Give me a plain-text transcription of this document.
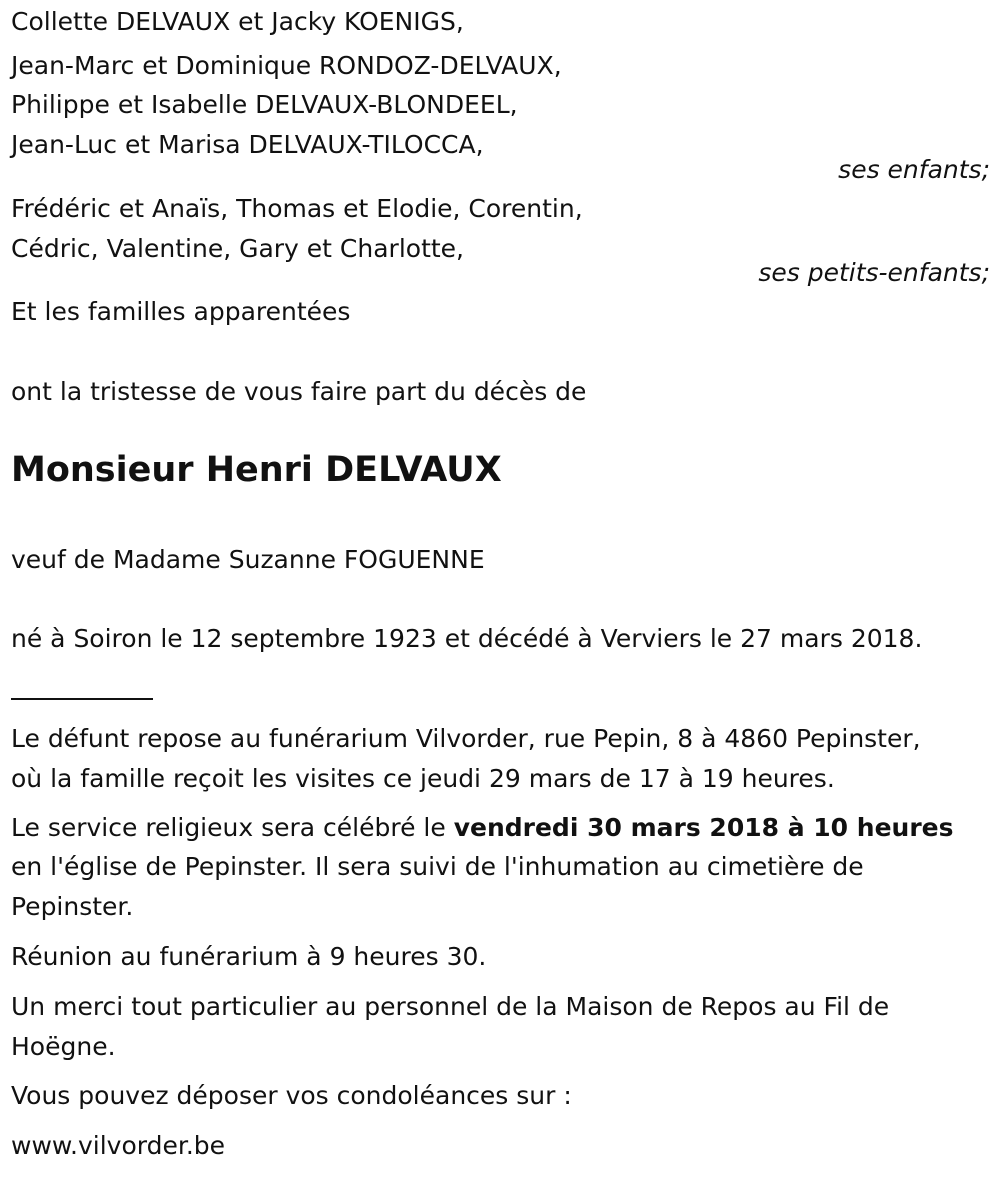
Collette DELVAUX et Jacky KOENIGS,
Jean-Marc et Dominique RONDOZ-DELVAUX,
Philippe et Isabelle DELVAUX-BLONDEEL,
Jean-Luc et Marisa DELVAUX-TILOCCA,
ses enfants;
Frédéric et Anaïs, Thomas et Elodie, Corentin,
Cédric, Valentine, Gary et Charlotte,
ses petits-enfants;
Et les familles apparentées
ont la tristesse de vous faire part du décès de
Monsieur Henri DELVAUX
veuf de Madame Suzanne FOGUENNE
né à Soiron le 12 septembre 1923 et décédé à Verviers le 27 mars 2018.
Le défunt repose au funérarium Vilvorder, rue Pepin, 8 à 4860 Pepinster,
où la famille reçoit les visites ce jeudi 29 mars de 17 à 19 heures.
Le service religieux sera célébré le vendredi 30 mars 2018 à 10 heures
en l'église de Pepinster. Il sera suivi de l'inhumation au cimetière de
Pepinster.
Réunion au funérarium à 9 heures 30.
Un merci tout particulier au personnel de la Maison de Repos au Fil de
Hoëgne.
Vous pouvez déposer vos condoléances sur :
www.vilvorder.be
